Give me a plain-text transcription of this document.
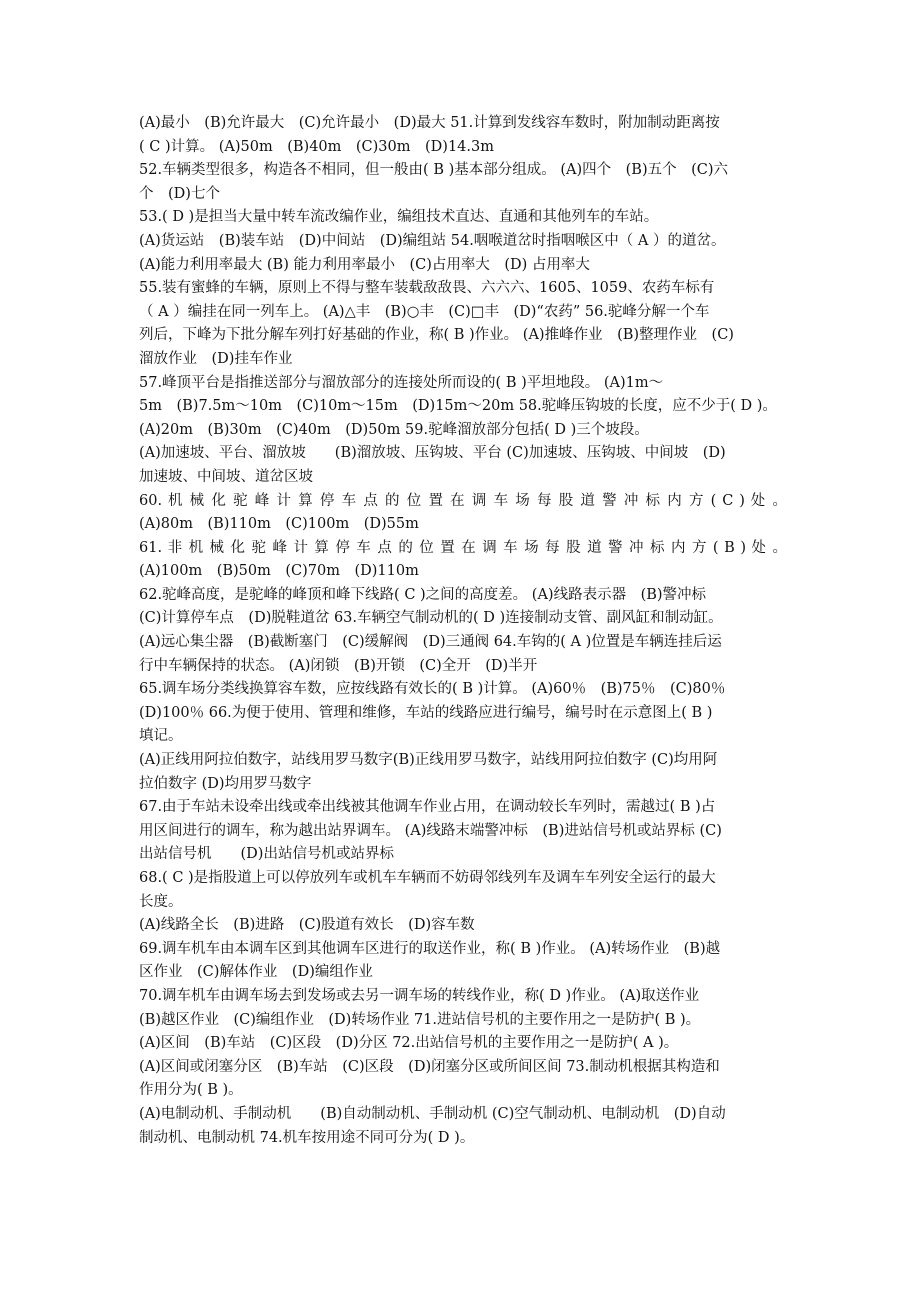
(A)最小　(B)允许最大　(C)允许最小　(D)最大 51.计算到发线容车数时，附加制动距离按
( C )计算。 (A)50m　(B)40m　(C)30m　(D)14.3m
52.车辆类型很多，构造各不相同，但一般由( B )基本部分组成。 (A)四个　(B)五个　(C)六
个　(D)七个
53.( D )是担当大量中转车流改编作业，编组技术直达、直通和其他列车的车站。
(A)货运站　(B)装车站　(D)中间站　(D)编组站 54.咽喉道岔时指咽喉区中（ A ）的道岔。
(A)能力利用率最大 (B) 能力利用率最小　(C)占用率大　(D) 占用率大
55.装有蜜蜂的车辆，原则上不得与整车装载敌敌畏、六六六、1605、1059、农药车标有
（ A ）编挂在同一列车上。 (A)△丰　(B)○丰　(C)□丰　(D)“农药” 56.驼峰分解一个车
列后，下峰为下批分解车列打好基础的作业，称( B )作业。 (A)推峰作业　(B)整理作业　(C)
溜放作业　(D)挂车作业
57.峰顶平台是指推送部分与溜放部分的连接处所而设的( B )平坦地段。 (A)1m～
5m　(B)7.5m～10m　(C)10m～15m　(D)15m～20m 58.驼峰压钩坡的长度，应不少于( D )。
(A)20m　(B)30m　(C)40m　(D)50m 59.驼峰溜放部分包括( D )三个坡段。
(A)加速坡、平台、溜放坡　　(B)溜放坡、压钩坡、平台 (C)加速坡、压钩坡、中间坡　(D)
加速坡、中间坡、道岔区坡
60. 机 械 化 驼 峰 计 算 停 车 点 的 位 置 在 调 车 场 每 股 道 警 冲 标 内 方 ( C ) 处 。
(A)80m　(B)110m　(C)100m　(D)55m
61. 非 机 械 化 驼 峰 计 算 停 车 点 的 位 置 在 调 车 场 每 股 道 警 冲 标 内 方 ( B ) 处 。
(A)100m　(B)50m　(C)70m　(D)110m
62.驼峰高度，是驼峰的峰顶和峰下线路( C )之间的高度差。 (A)线路表示器　(B)警冲标
(C)计算停车点　(D)脱鞋道岔 63.车辆空气制动机的( D )连接制动支管、副风缸和制动缸。
(A)远心集尘器　(B)截断塞门　(C)缓解阀　(D)三通阀 64.车钩的( A )位置是车辆连挂后运
行中车辆保持的状态。 (A)闭锁　(B)开锁　(C)全开　(D)半开
65.调车场分类线换算容车数，应按线路有效长的( B )计算。 (A)60％　(B)75％　(C)80％
(D)100％ 66.为便于使用、管理和维修，车站的线路应进行编号，编号时在示意图上( B )
填记。
(A)正线用阿拉伯数字，站线用罗马数字(B)正线用罗马数字，站线用阿拉伯数字 (C)均用阿
拉伯数字 (D)均用罗马数字
67.由于车站未设牵出线或牵出线被其他调车作业占用，在调动较长车列时，需越过( B )占
用区间进行的调车，称为越出站界调车。 (A)线路末端警冲标　(B)进站信号机或站界标 (C)
出站信号机　　(D)出站信号机或站界标
68.( C )是指股道上可以停放列车或机车车辆而不妨碍邻线列车及调车车列安全运行的最大
长度。
(A)线路全长　(B)进路　(C)股道有效长　(D)容车数
69.调车机车由本调车区到其他调车区进行的取送作业，称( B )作业。 (A)转场作业　(B)越
区作业　(C)解体作业　(D)编组作业
70.调车机车由调车场去到发场或去另一调车场的转线作业，称( D )作业。 (A)取送作业
(B)越区作业　(C)编组作业　(D)转场作业 71.进站信号机的主要作用之一是防护( B )。
(A)区间　(B)车站　(C)区段　(D)分区 72.出站信号机的主要作用之一是防护( A )。
(A)区间或闭塞分区　(B)车站　(C)区段　(D)闭塞分区或所间区间 73.制动机根据其构造和
作用分为( B )。
(A)电制动机、手制动机　　(B)自动制动机、手制动机 (C)空气制动机、电制动机　(D)自动
制动机、电制动机 74.机车按用途不同可分为( D )。
